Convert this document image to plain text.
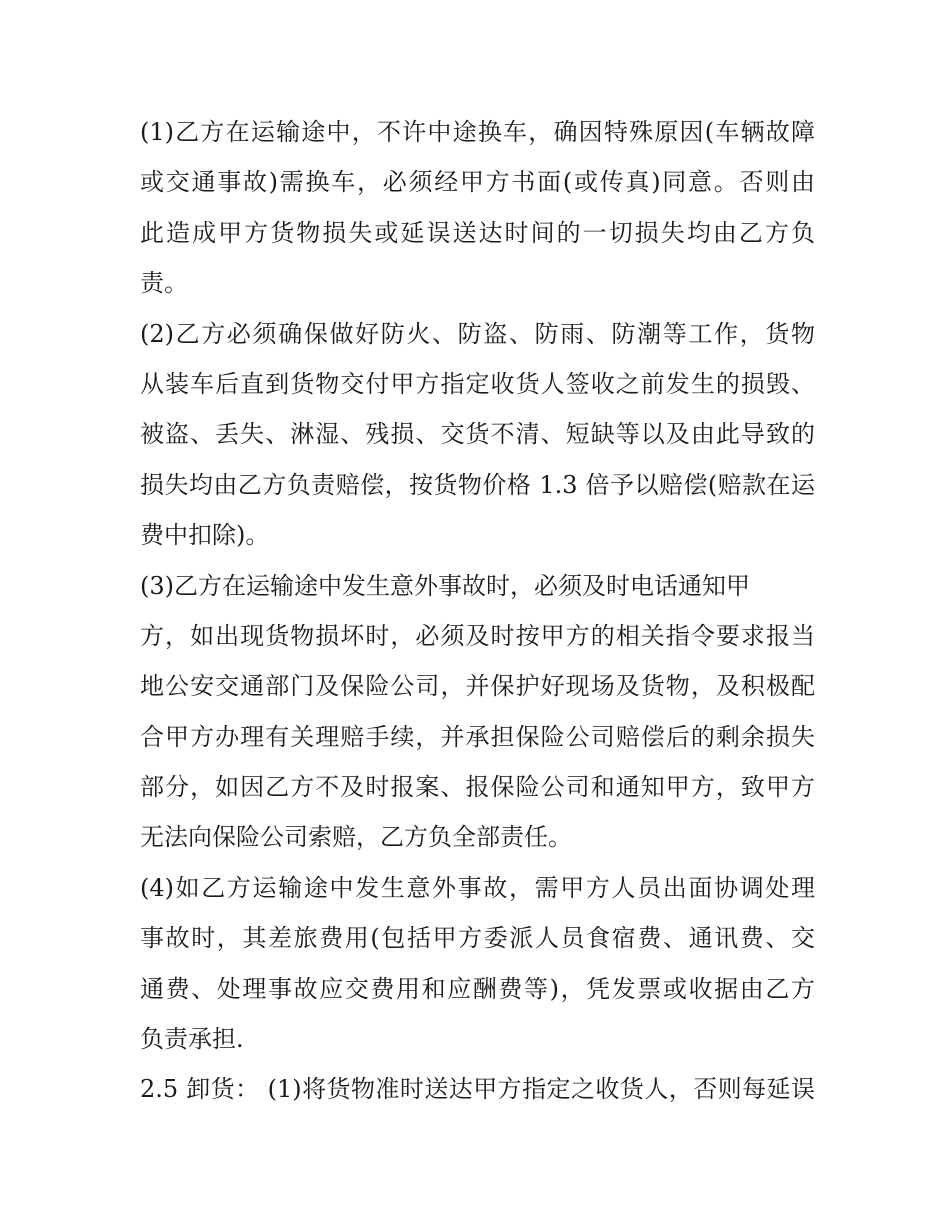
(1)乙方在运输途中，不许中途换车，确因特殊原因(车辆故障
或交通事故)需换车，必须经甲方书面(或传真)同意。否则由
此造成甲方货物损失或延误送达时间的一切损失均由乙方负
责。
(2)乙方必须确保做好防火、防盗、防雨、防潮等工作，货物
从装车后直到货物交付甲方指定收货人签收之前发生的损毁、
被盗、丢失、淋湿、残损、交货不清、短缺等以及由此导致的
损失均由乙方负责赔偿，按货物价格 1.3 倍予以赔偿(赔款在运
费中扣除)。
(3)乙方在运输途中发生意外事故时，必须及时电话通知甲
方，如出现货物损坏时，必须及时按甲方的相关指令要求报当
地公安交通部门及保险公司，并保护好现场及货物，及积极配
合甲方办理有关理赔手续，并承担保险公司赔偿后的剩余损失
部分，如因乙方不及时报案、报保险公司和通知甲方，致甲方
无法向保险公司索赔，乙方负全部责任。
(4)如乙方运输途中发生意外事故，需甲方人员出面协调处理
事故时，其差旅费用(包括甲方委派人员食宿费、通讯费、交
通费、处理事故应交费用和应酬费等)，凭发票或收据由乙方
负责承担.
2.5 卸货： (1)将货物准时送达甲方指定之收货人，否则每延误
